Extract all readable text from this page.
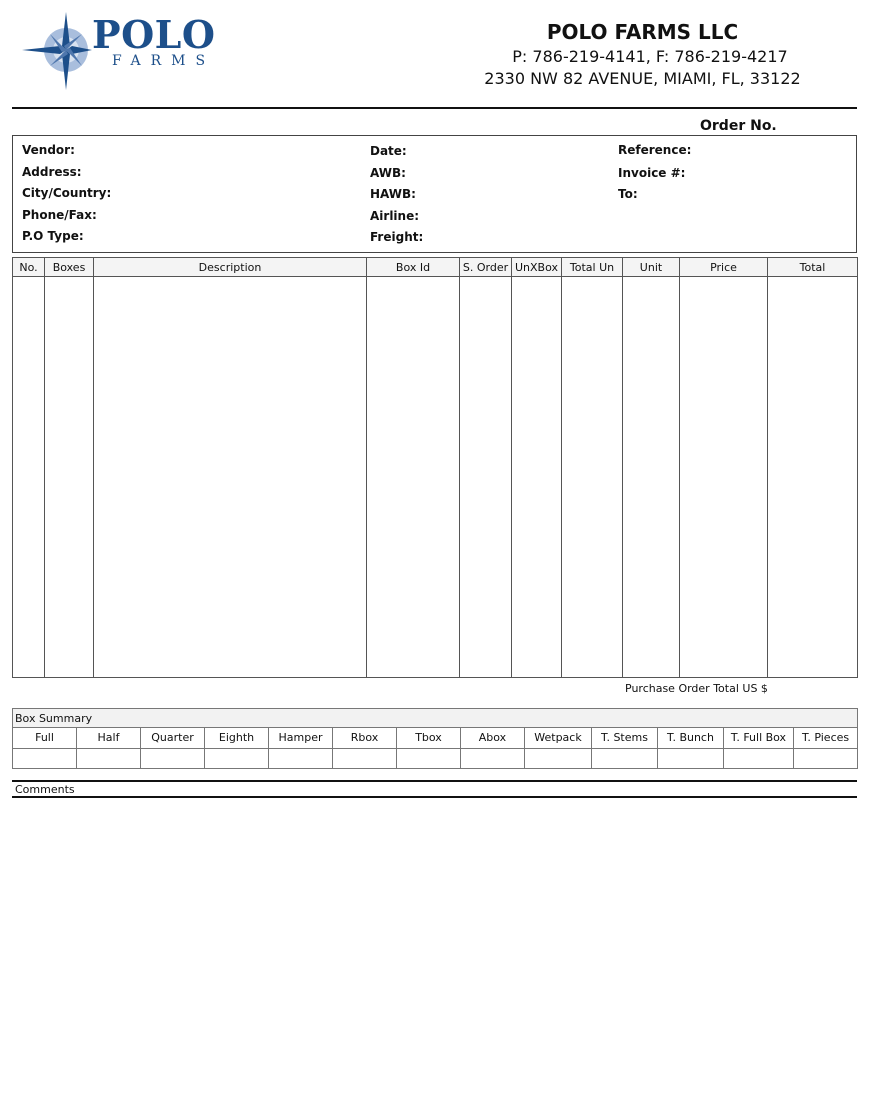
POLO
FARMS
POLO FARMS LLC
P: 786-219-4141, F: 786-219-4217
2330 NW 82 AVENUE, MIAMI, FL, 33122
Order No.
Vendor:
Address:
City/Country:
Phone/Fax:
P.O Type:
Date:
AWB:
HAWB:
Airline:
Freight:
Reference:
Invoice #:
To:
No.	Boxes	Description	Box Id	S. Order	UnXBox	Total Un	Unit	Price	Total

Purchase Order Total US $
Box Summary												
Full	Half	Quarter	Eighth	Hamper	Rbox	Tbox	Abox	Wetpack	T. Stems	T. Bunch	T. Full Box	T. Pieces

Comments
